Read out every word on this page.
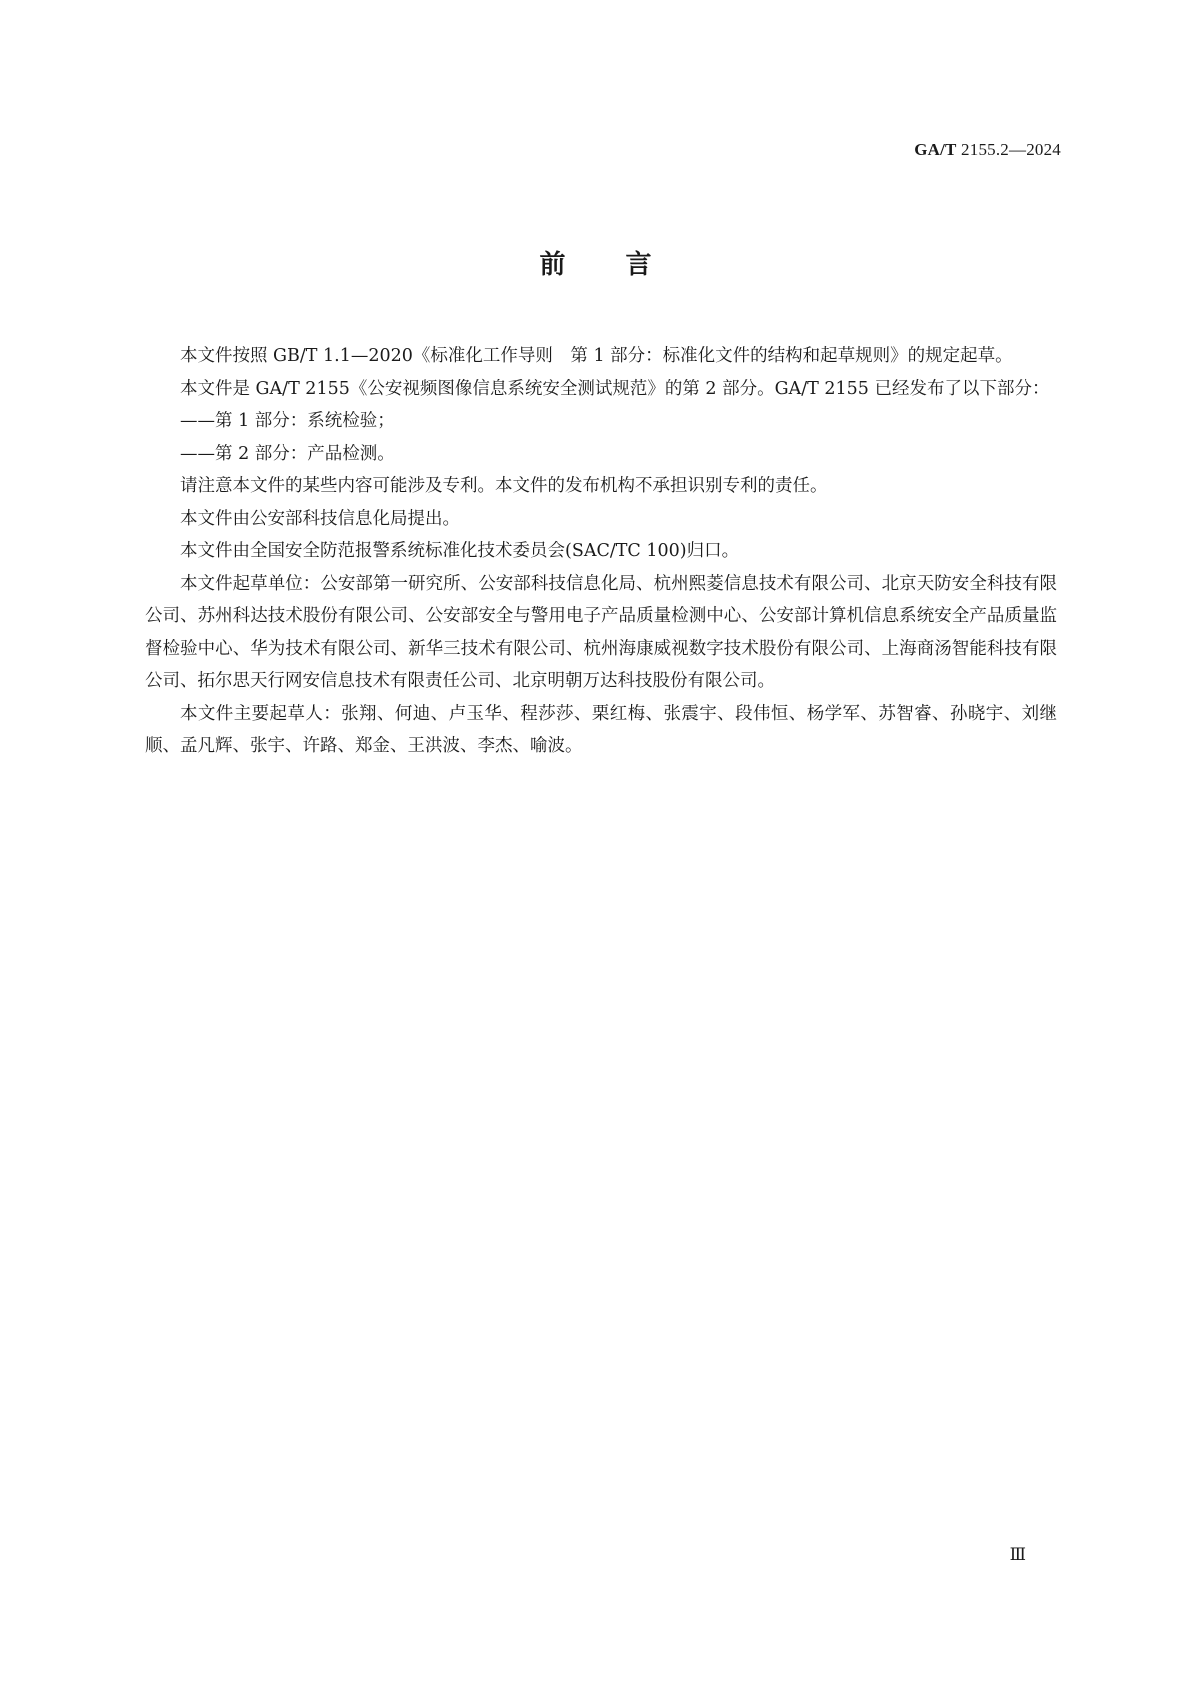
GA/T 2155.2—2024
前言

本文件按照 GB/T 1.1—2020《标准化工作导则　第 1 部分：标准化文件的结构和起草规则》的规定起草。

本文件是 GA/T 2155《公安视频图像信息系统安全测试规范》的第 2 部分。GA/T 2155 已经发布了以下部分：

——第 1 部分：系统检验；

——第 2 部分：产品检测。

请注意本文件的某些内容可能涉及专利。本文件的发布机构不承担识别专利的责任。

本文件由公安部科技信息化局提出。

本文件由全国安全防范报警系统标准化技术委员会(SAC/TC 100)归口。

本文件起草单位：公安部第一研究所、公安部科技信息化局、杭州熙菱信息技术有限公司、北京天防安全科技有限公司、苏州科达技术股份有限公司、公安部安全与警用电子产品质量检测中心、公安部计算机信息系统安全产品质量监督检验中心、华为技术有限公司、新华三技术有限公司、杭州海康威视数字技术股份有限公司、上海商汤智能科技有限公司、拓尔思天行网安信息技术有限责任公司、北京明朝万达科技股份有限公司。

本文件主要起草人：张翔、何迪、卢玉华、程莎莎、栗红梅、张震宇、段伟恒、杨学军、苏智睿、孙晓宇、刘继顺、孟凡辉、张宇、许路、郑金、王洪波、李杰、喻波。

Ⅲ
